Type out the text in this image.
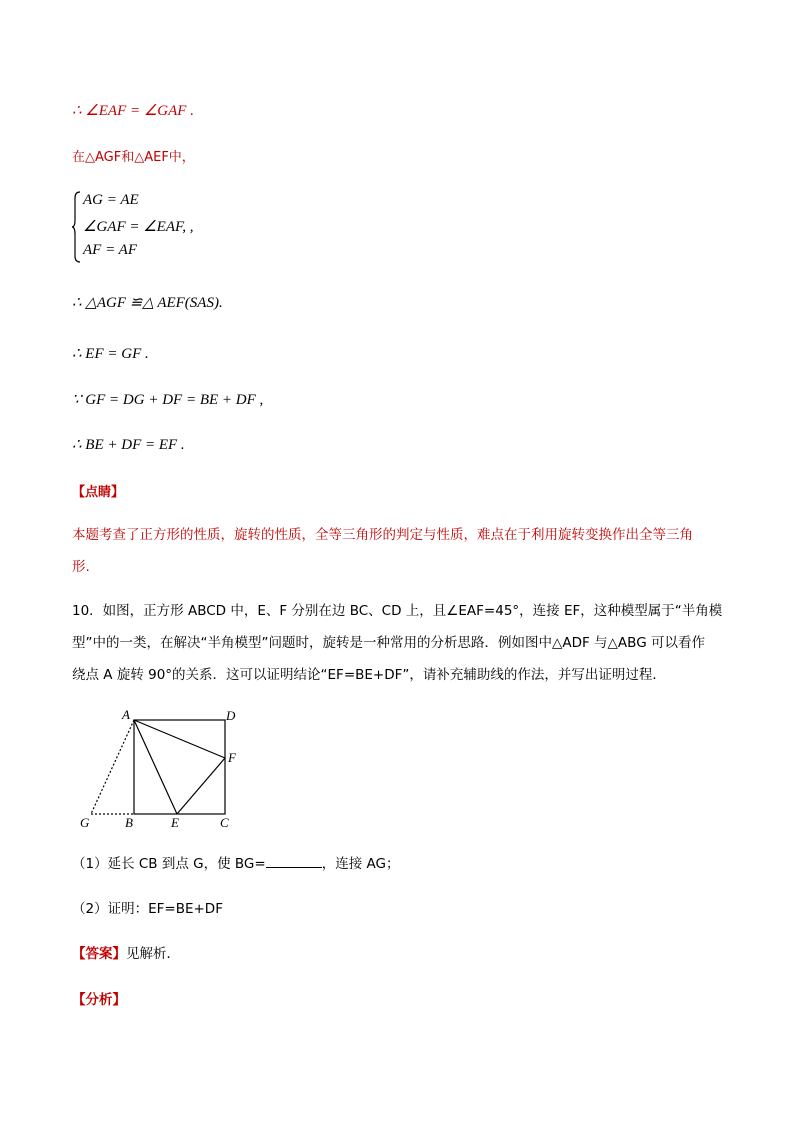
∴ ∠EAF = ∠GAF .
在△AGF和△AEF中，
AG = AE
∠GAF = ∠EAF, ,
AF = AF
∴ △AGF ≌△ AEF(SAS).
∴ EF = GF .
∵ GF = DG + DF = BE + DF ,
∴ BE + DF = EF .
【点睛】
本题考查了正方形的性质，旋转的性质，全等三角形的判定与性质，难点在于利用旋转变换作出全等三角
形.
10．如图，正方形 ABCD 中，E、F 分别在边 BC、CD 上，且∠EAF=45°，连接 EF，这种模型属于“半角模
型”中的一类，在解决“半角模型”问题时，旋转是一种常用的分析思路．例如图中△ADF 与△ABG 可以看作
绕点 A 旋转 90°的关系．这可以证明结论“EF=BE+DF”，请补充辅助线的作法，并写出证明过程．
A	D
F
G	B	E	C
（1）延长 CB 到点 G，使 BG=	，连接 AG；
（2）证明：EF=BE+DF
【答案】见解析．
【分析】
